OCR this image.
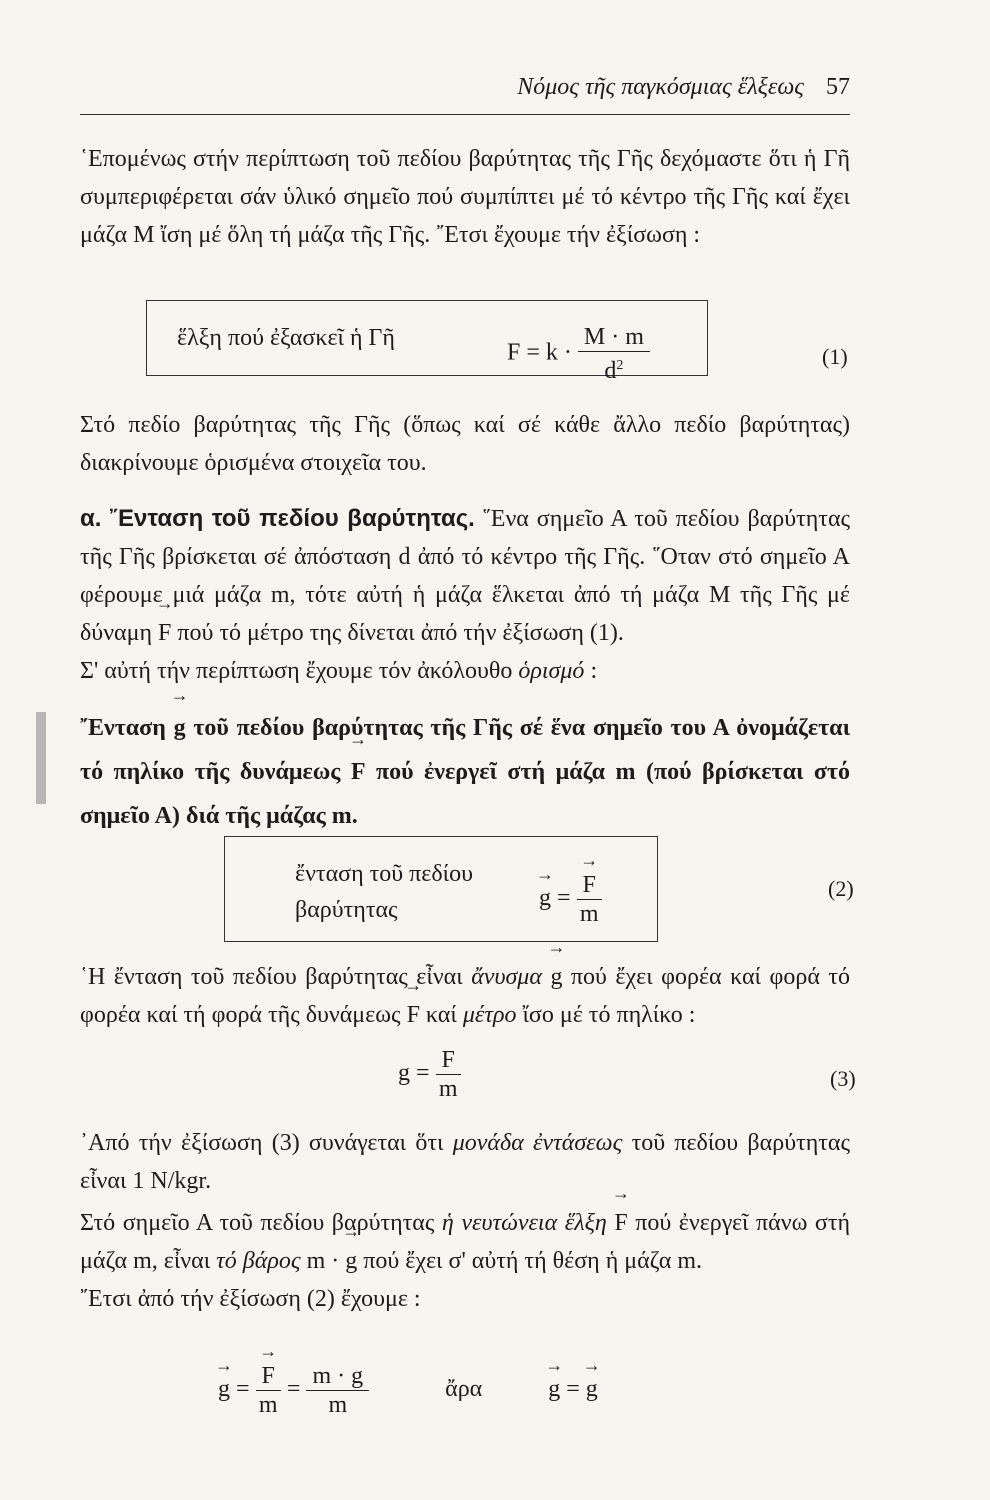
Νόμος τῆς παγκόσμιας ἕλξεως 57

῾Επομένως στήν περίπτωση τοῦ πεδίου βαρύτητας τῆς Γῆς δεχόμαστε ὅτι ἡ Γῆ συμπεριφέρεται σάν ὑλικό σημεῖο πού συμπίπτει μέ τό κέντρο τῆς Γῆς καί ἔχει μάζα M ἴση μέ ὅλη τή μάζα τῆς Γῆς. ῎Ετσι ἔχουμε τήν ἐξίσωση :

ἕλξη πού ἐξασκεῖ ἡ Γῆ
$F = k \cdot \frac{M \cdot m}{d^2}$	(1)

Στό πεδίο βαρύτητας τῆς Γῆς (ὅπως καί σέ κάθε ἄλλο πεδίο βαρύτητας) διακρίνουμε ὁρισμένα στοιχεῖα του.

α. ῎Ενταση τοῦ πεδίου βαρύτητας. ῞Ενα σημεῖο Α τοῦ πεδίου βαρύτητας τῆς Γῆς βρίσκεται σέ ἀπόσταση d ἀπό τό κέντρο τῆς Γῆς. ῞Οταν στό σημεῖο Α φέρουμε μιά μάζα m, τότε αὐτή ἡ μάζα ἕλκεται ἀπό τή μάζα M τῆς Γῆς μέ δύναμη → F πού τό μέτρο της δίνεται ἀπό τήν ἐξίσωση (1).
Σ' αὐτή τήν περίπτωση ἔχουμε τόν ἀκόλουθο ὁρισμό :

῎Ενταση → g τοῦ πεδίου βαρύτητας τῆς Γῆς σέ ἕνα σημεῖο του Α ὀνομάζεται τό πηλίκο τῆς δυνάμεως → F πού ἐνεργεῖ στή μάζα m (πού βρίσκεται στό σημεῖο Α) διά τῆς μάζας m.
ἔνταση τοῦ πεδίου
βαρύτητας	→ g = → $\frac{F}{m}$	(2)

῾Η ἔνταση τοῦ πεδίου βαρύτητας εἶναι ἄνυσμα → g πού ἔχει φορέα καί φορά τό φορέα καί τή φορά τῆς δυνάμεως → F καί μέτρο ἴσο μέ τό πηλίκο :

$g = \frac{F}{m}$	(3)

᾿Από τήν ἐξίσωση (3) συνάγεται ὅτι μονάδα ἐντάσεως τοῦ πεδίου βαρύτητας εἶναι 1 N/kgr.

Στό σημεῖο Α τοῦ πεδίου βαρύτητας ἡ νευτώνεια ἕλξη → F πού ἐνεργεῖ πάνω στή μάζα m, εἶναι τό βάρος m · → g πού ἔχει σ' αὐτή τή θέση ἡ μάζα m.
῎Ετσι ἀπό τήν ἐξίσωση (2) ἔχουμε :

→ g = → $\frac{F}{m} = \frac{m \cdot g}{m}$	ἄρα	→ g = → g
